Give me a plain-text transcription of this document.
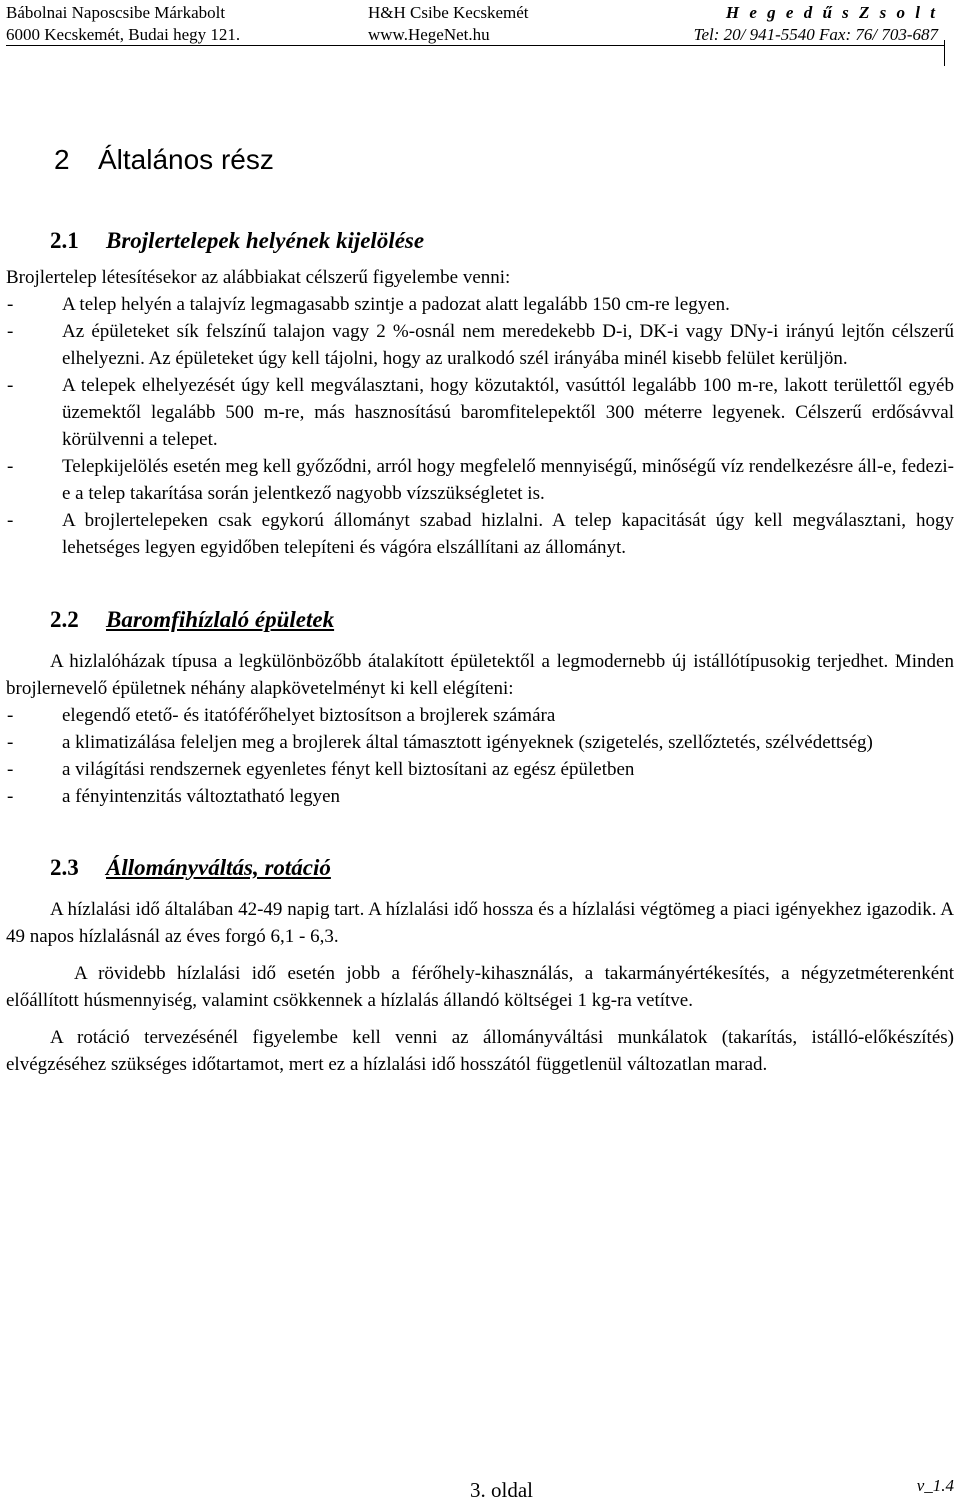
Bábolnai Naposcsibe Márkabolt
6000 Kecskemét, Budai hegy 121.
H&H Csibe Kecskemét
www.HegeNet.hu
H e g e d ű s Z s o l t
Tel: 20/ 941-5540 Fax: 76/ 703-687
2 Általános rész
2.1 Brojlertelepek helyének kijelölése

Brojlertelep létesítésekor az alábbiakat célszerű figyelembe venni:

- A telep helyén a talajvíz legmagasabb szintje a padozat alatt legalább 150 cm-re legyen.
- Az épületeket sík felszínű talajon vagy 2 %-osnál nem meredekebb D-i, DK-i vagy DNy-i irányú lejtőn célszerű elhelyezni. Az épületeket úgy kell tájolni, hogy az uralkodó szél irányába minél kisebb felület kerüljön.
- A telepek elhelyezését úgy kell megválasztani, hogy közutaktól, vasúttól legalább 100 m-re, lakott területtől egyéb üzemektől legalább 500 m-re, más hasznosítású baromfitelepektől 300 méterre legyenek. Célszerű erdősávval körülvenni a telepet.
- Telepkijelölés esetén meg kell győződni, arról hogy megfelelő mennyiségű, minőségű víz rendelkezésre áll-e, fedezi-e a telep takarítása során jelentkező nagyobb vízszükségletet is.
- A brojlertelepeken csak egykorú állományt szabad hizlalni. A telep kapacitását úgy kell megválasztani, hogy lehetséges legyen egyidőben telepíteni és vágóra elszállítani az állományt.
2.2 Baromfihízlaló épületek

A hizlalóházak típusa a legkülönbözőbb átalakított épületektől a legmodernebb új istállótípusokig terjedhet. Minden brojlernevelő épületnek néhány alapkövetelményt ki kell elégíteni:

- elegendő etető- és itatóférőhelyet biztosítson a brojlerek számára
- a klimatizálása feleljen meg a brojlerek által támasztott igényeknek (szigetelés, szellőztetés, szélvédettség)
- a világítási rendszernek egyenletes fényt kell biztosítani az egész épületben
- a fényintenzitás változtatható legyen
2.3 Állományváltás, rotáció

A hízlalási idő általában 42-49 napig tart. A hízlalási idő hossza és a hízlalási végtömeg a piaci igényekhez igazodik. A 49 napos hízlalásnál az éves forgó 6,1 - 6,3.

A rövidebb hízlalási idő esetén jobb a férőhely-kihasználás, a takarmányértékesítés, a négyzetméterenként előállított húsmennyiség, valamint csökkennek a hízlalás állandó költségei 1 kg-ra vetítve.

A rotáció tervezésénél figyelembe kell venni az állományváltási munkálatok (takarítás, istálló-előkészítés) elvégzéséhez szükséges időtartamot, mert ez a hízlalási idő hosszától függetlenül változatlan marad.

3. oldal	v_1.4
